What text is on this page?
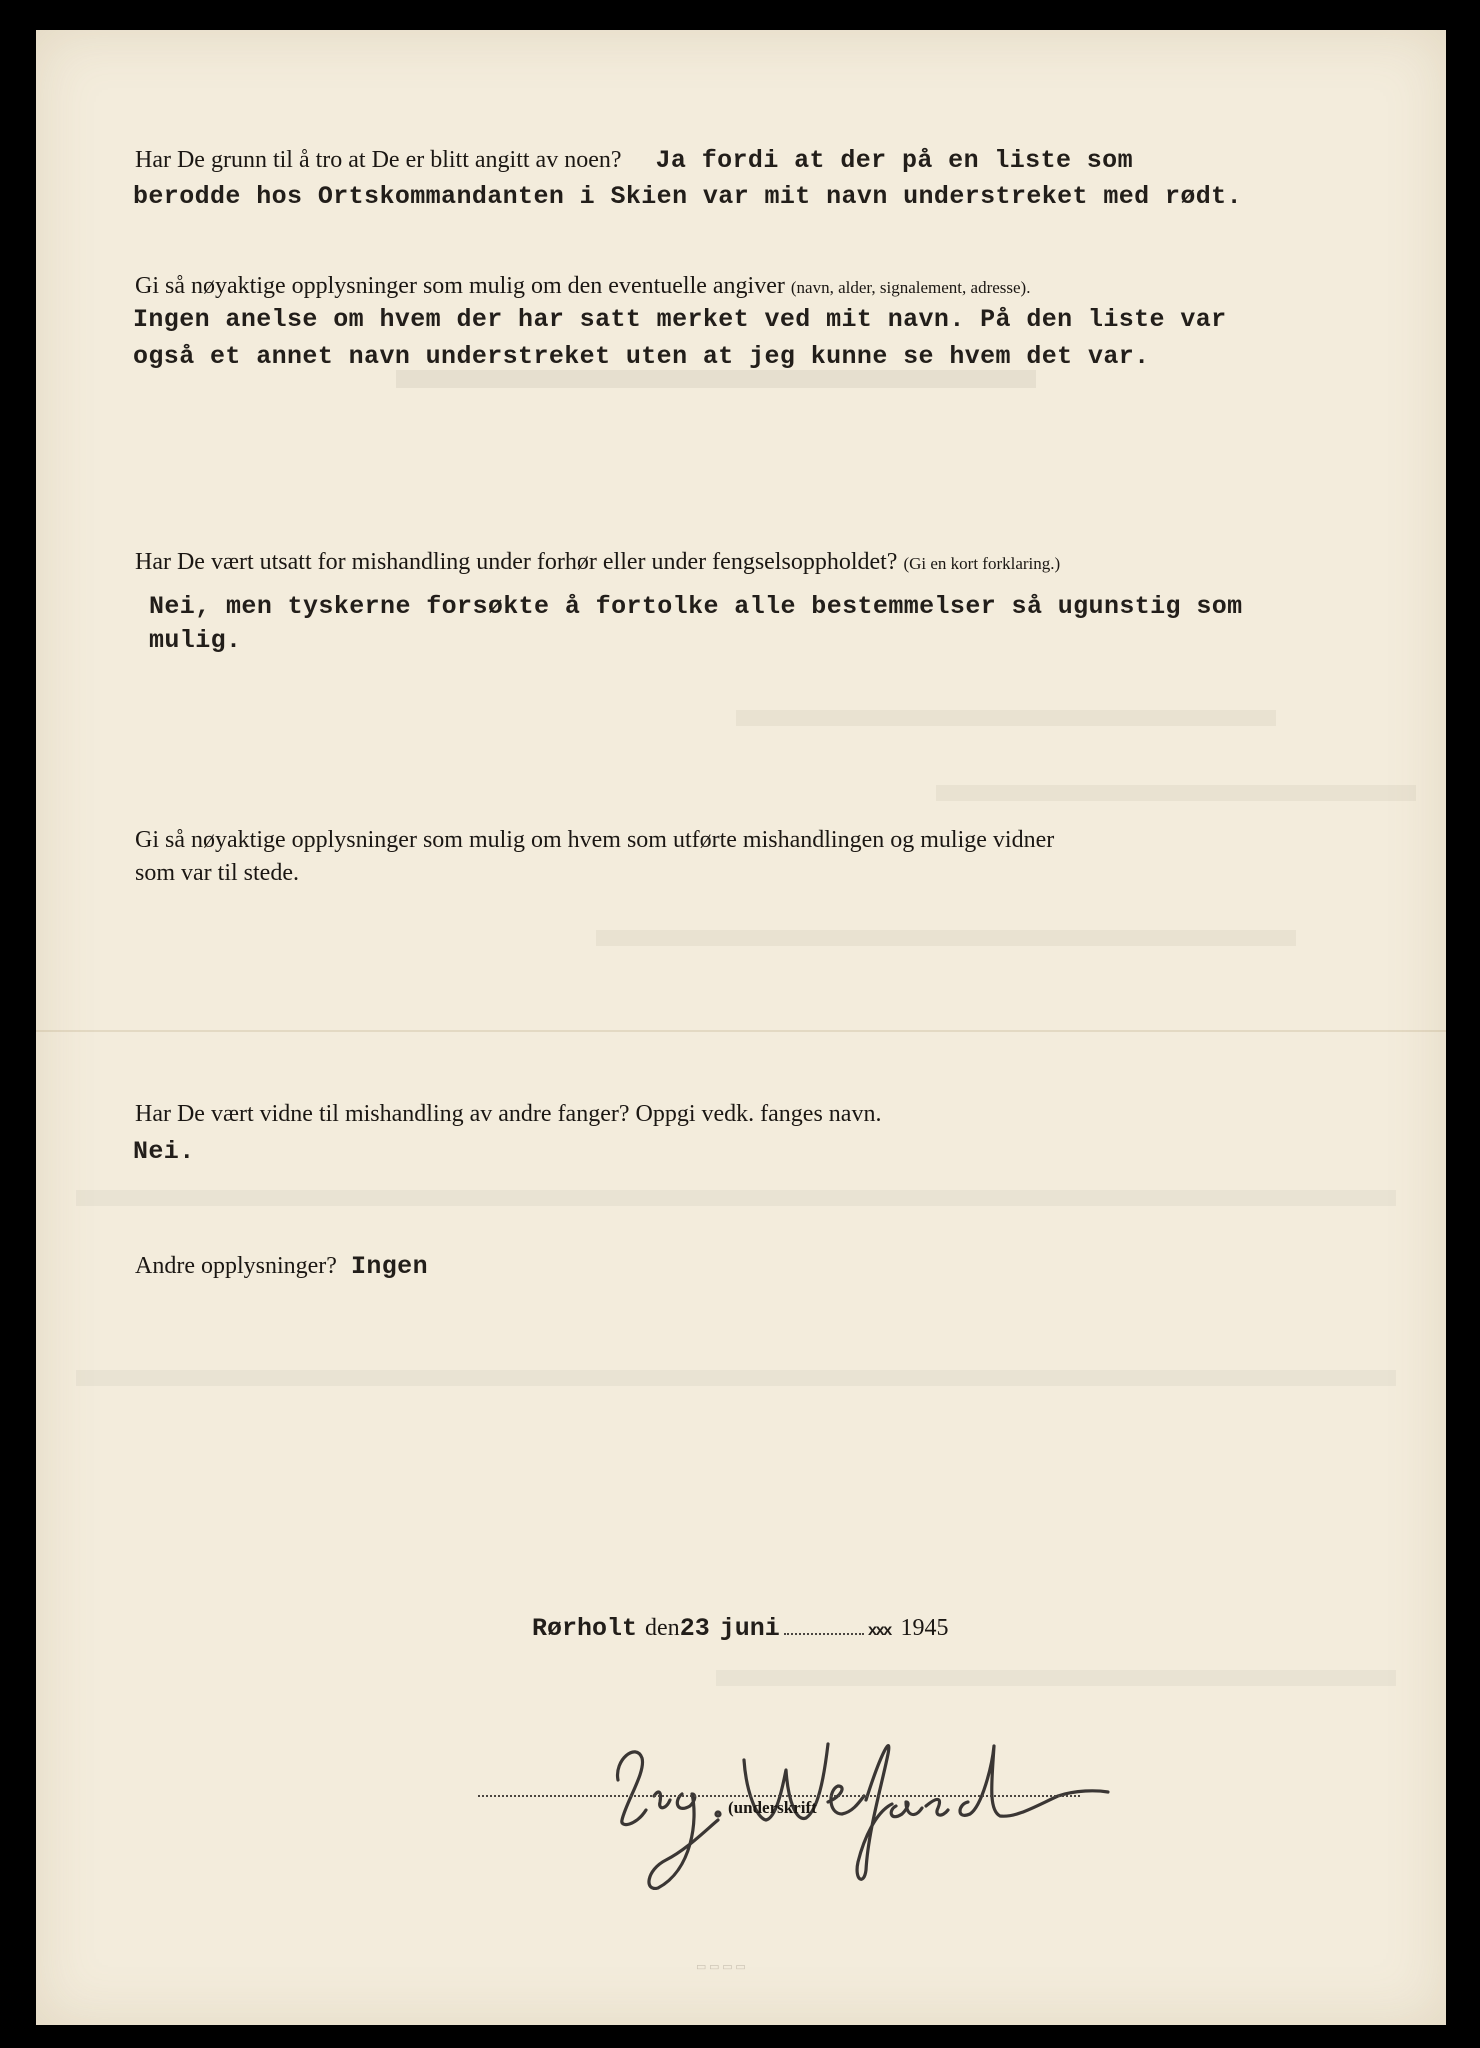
Har De grunn til å tro at De er blitt angitt av noen? Ja fordi at der på en liste som
berodde hos Ortskommandanten i Skien var mit navn understreket med rødt.
Gi så nøyaktige opplysninger som mulig om den eventuelle angiver (navn, alder, signalement, adresse).
Ingen anelse om hvem der har satt merket ved mit navn. På den liste var
også et annet navn understreket uten at jeg kunne se hvem det var.
Har De vært utsatt for mishandling under forhør eller under fengselsoppholdet? (Gi en kort forklaring.)
Nei, men tyskerne forsøkte å fortolke alle bestemmelser så ugunstig som
mulig.
Gi så nøyaktige opplysninger som mulig om hvem som utførte mishandlingen og mulige vidner
som var til stede.
Har De vært vidne til mishandling av andre fanger? Oppgi vedk. fanges navn.
Nei.
Andre opplysninger? Ingen
Rørholt den23 juni	xxx 1945
(underskrift
▭ ▭ ▭ ▭
